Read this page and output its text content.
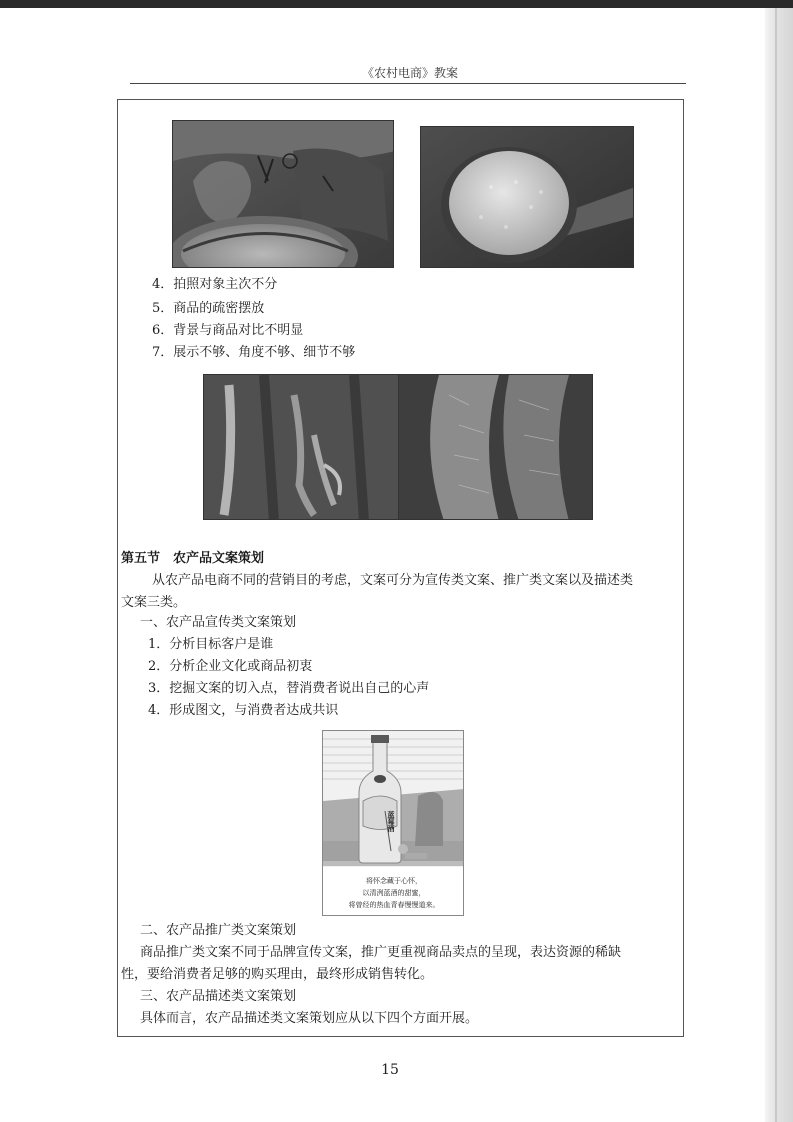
《农村电商》教案
4．拍照对象主次不分
5．商品的疏密摆放
6．背景与商品对比不明显
7．展示不够、角度不够、细节不够
第五节　农产品文案策划
从农产品电商不同的营销目的考虑，文案可分为宣传类文案、推广类文案以及描述类
文案三类。
一、农产品宣传类文案策划
1．分析目标客户是谁
2．分析企业文化或商品初衷
3．挖掘文案的切入点，替消费者说出自己的心声
4．形成图文，与消费者达成共识
蓝莓酒
将怀念藏于心怀，
以清洌蓝酒的甜蜜，
将曾经的热血青春慢慢道来。
二、农产品推广类文案策划
商品推广类文案不同于品牌宣传文案，推广更重视商品卖点的呈现，表达资源的稀缺
性，要给消费者足够的购买理由，最终形成销售转化。
三、农产品描述类文案策划
具体而言，农产品描述类文案策划应从以下四个方面开展。
15
